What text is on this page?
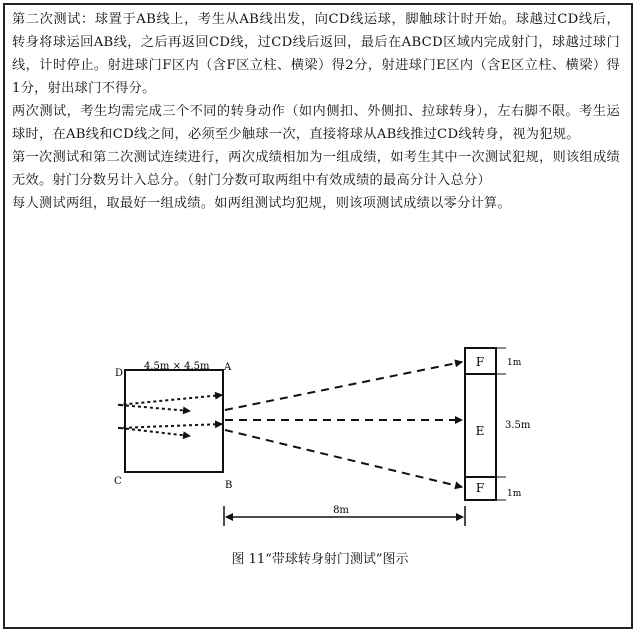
第二次测试：球置于AB线上，考生从AB线出发，向CD线运球，脚触球计时开始。球越过CD线后，转身将球运回AB线，之后再返回CD线，过CD线后返回，最后在ABCD区域内完成射门，球越过球门线，计时停止。射进球门F区内（含F区立柱、横梁）得2分，射进球门E区内（含E区立柱、横梁）得1分，射出球门不得分。

两次测试，考生均需完成三个不同的转身动作（如内侧扣、外侧扣、拉球转身），左右脚不限。考生运球时，在AB线和CD线之间，必须至少触球一次，直接将球从AB线推过CD线转身，视为犯规。

第一次测试和第二次测试连续进行，两次成绩相加为一组成绩，如考生其中一次测试犯规，则该组成绩无效。射门分数另计入总分。（射门分数可取两组中有效成绩的最高分计入总分）

每人测试两组，取最好一组成绩。如两组测试均犯规，则该项测试成绩以零分计算。

4.5m × 4.5m
D
A
C	B
F
E
F
1m
3.5m
1m
8m
图 11“带球转身射门测试”图示
